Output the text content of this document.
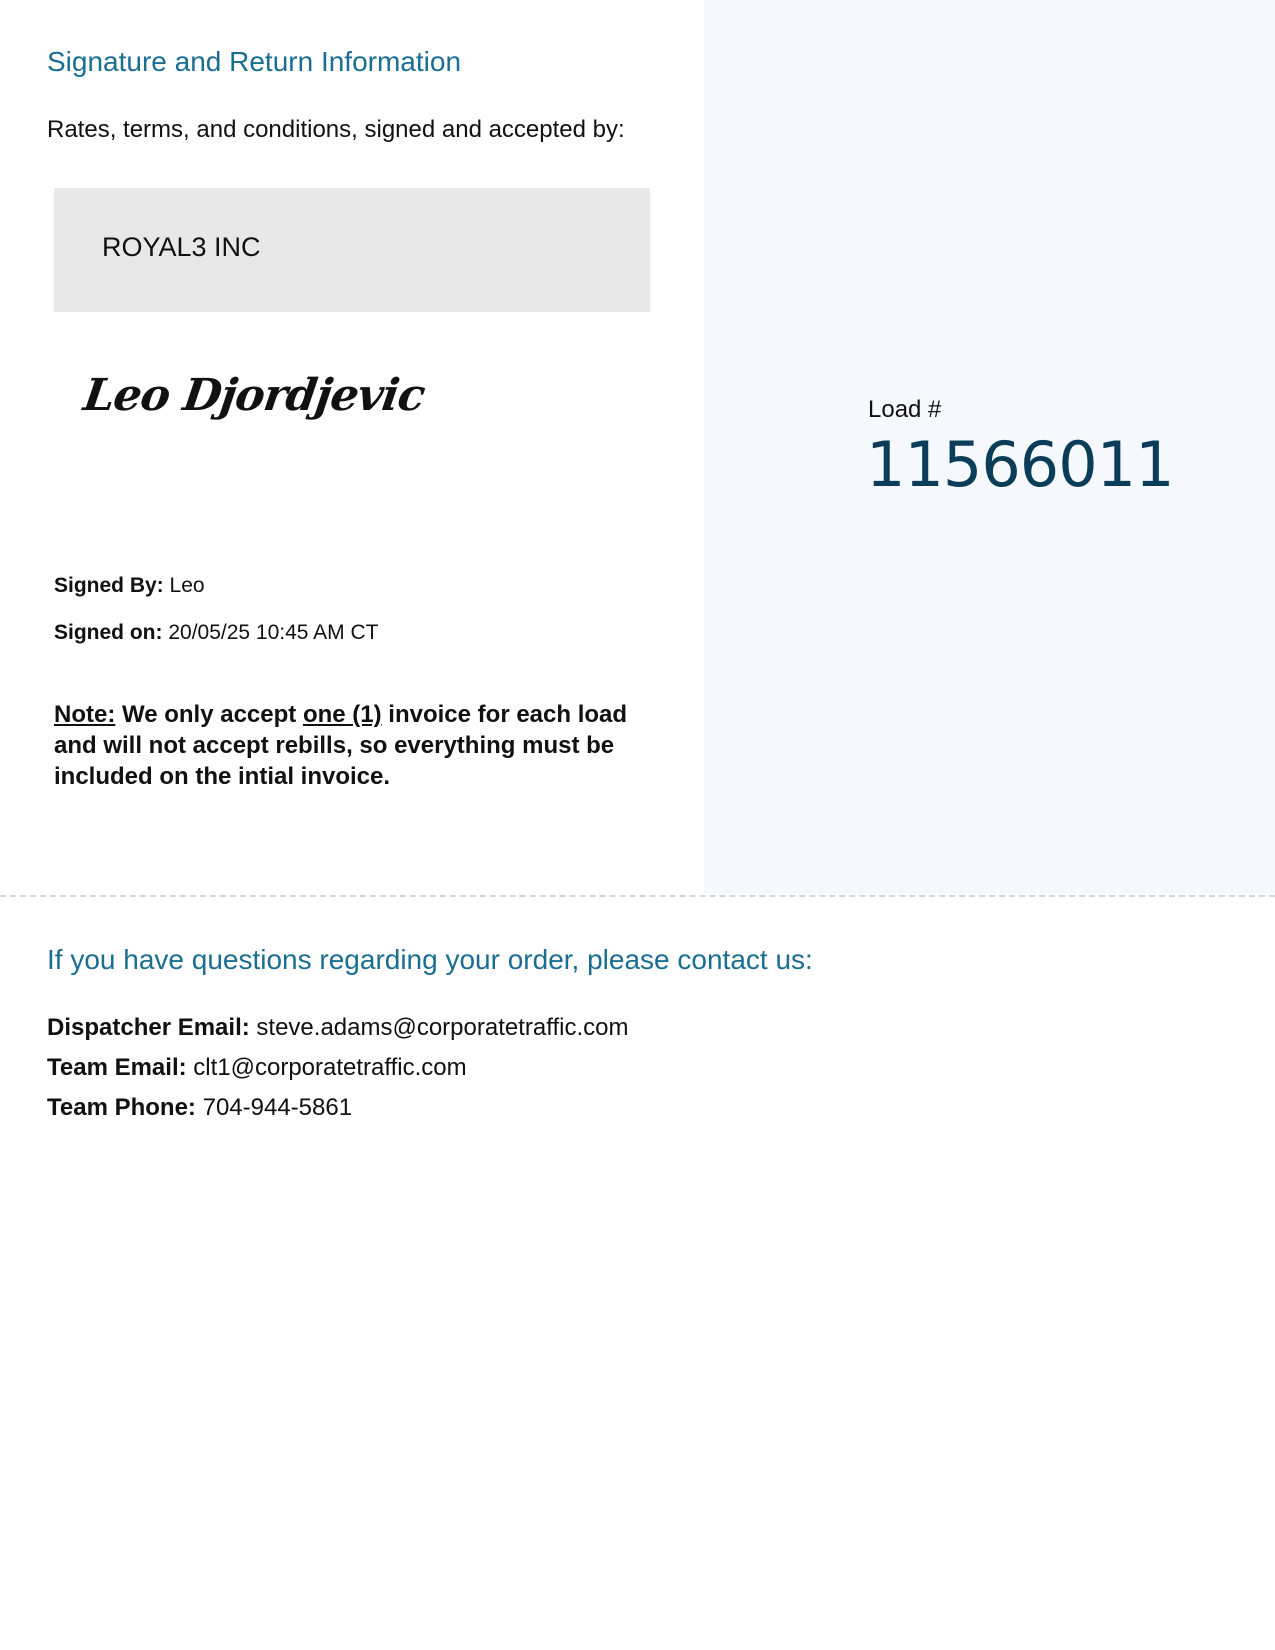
Signature and Return Information

Rates, terms, and conditions, signed and accepted by:

ROYAL3 INC
Leo Djordjevic
Signed By: Leo
Signed on: 20/05/25 10:45 AM CT

Note: We only accept one (1) invoice for each load and will not accept rebills, so everything must be included on the intial invoice.

Load #
11566011
If you have questions regarding your order, please contact us:
Dispatcher Email: steve.adams@corporatetraffic.com
Team Email: clt1@corporatetraffic.com
Team Phone: 704-944-5861
